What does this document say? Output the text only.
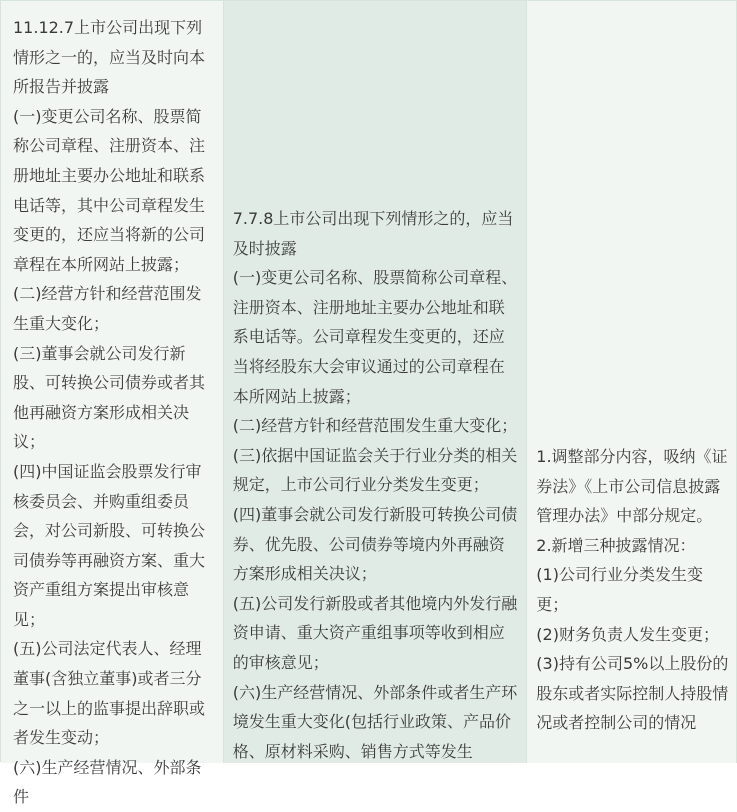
11.12.7上市公司出现下列情形之一的，应当及时向本所报告并披露

(一)变更公司名称、股票简称公司章程、注册资本、注册地址主要办公地址和联系电话等，其中公司章程发生变更的，还应当将新的公司章程在本所网站上披露；

(二)经营方针和经营范围发生重大变化；

(三)董事会就公司发行新股、可转换公司债券或者其他再融资方案形成相关决议；

(四)中国证监会股票发行审核委员会、并购重组委员会，对公司新股、可转换公司债券等再融资方案、重大资产重组方案提出审核意见；

(五)公司法定代表人、经理董事(含独立董事)或者三分之一以上的监事提出辞职或者发生变动；

(六)生产经营情况、外部条件

7.7.8上市公司出现下列情形之的，应当及时披露

(一)变更公司名称、股票简称公司章程、注册资本、注册地址主要办公地址和联系电话等。公司章程发生变更的，还应当将经股东大会审议通过的公司章程在本所网站上披露；

(二)经营方针和经营范围发生重大变化；

(三)依据中国证监会关于行业分类的相关规定，上市公司行业分类发生变更；

(四)董事会就公司发行新股可转换公司债券、优先股、公司债券等境内外再融资方案形成相关决议；

(五)公司发行新股或者其他境内外发行融资申请、重大资产重组事项等收到相应的审核意见；

(六)生产经营情况、外部条件或者生产环境发生重大变化(包括行业政策、产品价格、原材料采购、销售方式等发生

1.调整部分内容，吸纳《证券法》《上市公司信息披露管理办法》中部分规定。

2.新增三种披露情况：

(1)公司行业分类发生变更；

(2)财务负责人发生变更；

(3)持有公司5%以上股份的股东或者实际控制人持股情况或者控制公司的情况
